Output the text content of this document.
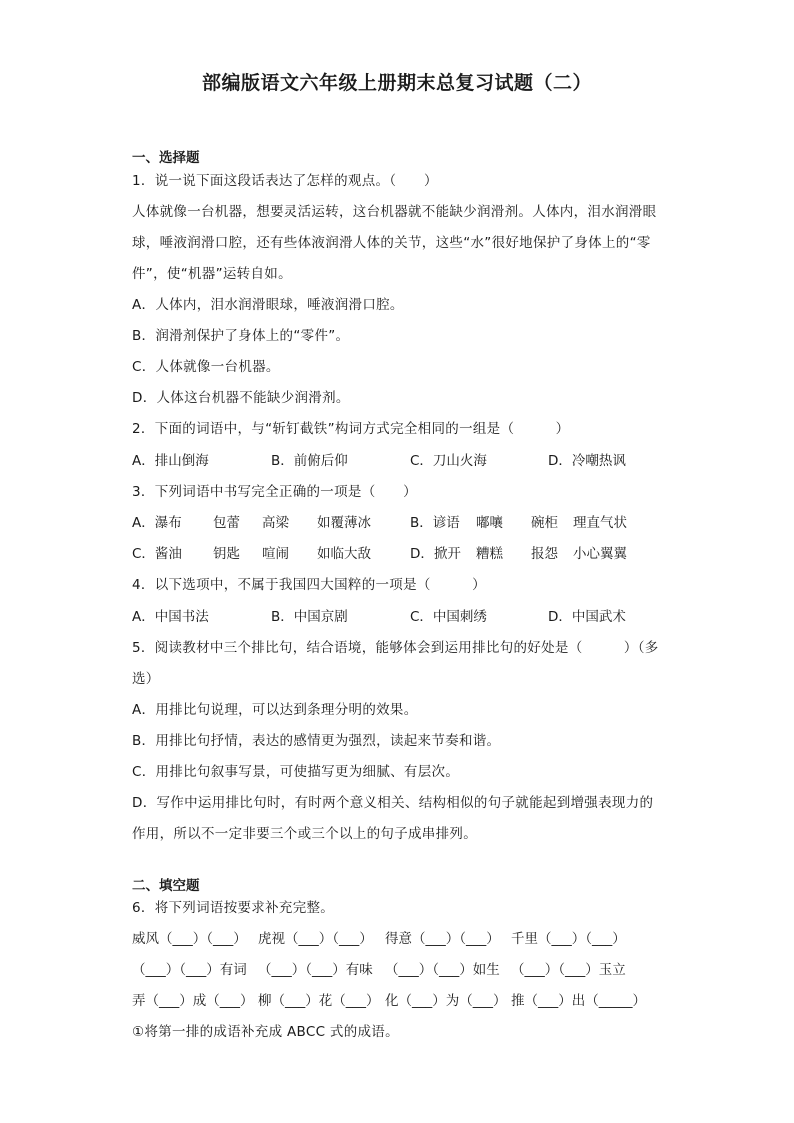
部编版语文六年级上册期末总复习试题（二）
一、选择题
1．说一说下面这段话表达了怎样的观点。（　　）
人体就像一台机器，想要灵活运转，这台机器就不能缺少润滑剂。人体内，泪水润滑眼
球，唾液润滑口腔，还有些体液润滑人体的关节，这些“水”很好地保护了身体上的“零
件”，使“机器”运转自如。
A．人体内，泪水润滑眼球，唾液润滑口腔。
B．润滑剂保护了身体上的“零件”。
C．人体就像一台机器。
D．人体这台机器不能缺少润滑剂。
2．下面的词语中，与“斩钉截铁”构词方式完全相同的一组是（　　　）
A．排山倒海	B．前俯后仰	C．刀山火海	D．冷嘲热讽
3．下列词语中书写完全正确的一项是（　　）
A．瀑布 包蕾 高梁 如覆薄冰	B．谚语 嘟嚷 碗柜 理直气状
C．酱油 钥匙 喧闹 如临大敌	D．掀开 糟糕 报怨 小心翼翼
4．以下选项中，不属于我国四大国粹的一项是（　　　）
A．中国书法	B．中国京剧	C．中国刺绣	D．中国武术
5．阅读教材中三个排比句，结合语境，能够体会到运用排比句的好处是（　　　）（多
选）
A．用排比句说理，可以达到条理分明的效果。
B．用排比句抒情，表达的感情更为强烈，读起来节奏和谐。
C．用排比句叙事写景，可使描写更为细腻、有层次。
D．写作中运用排比句时，有时两个意义相关、结构相似的句子就能起到增强表现力的
作用，所以不一定非要三个或三个以上的句子成串排列。
二、填空题
6．将下列词语按要求补充完整。
威风（___）（___） 虎视（___）（___） 得意（___）（___） 千里（___）（___）
（___）（___）有词 （___）（___）有味 （___）（___）如生 （___）（___）玉立
弄（___）成（___） 柳（___）花（___） 化（___）为（___） 推（___）出（_____）
①将第一排的成语补充成 ABCC 式的成语。
